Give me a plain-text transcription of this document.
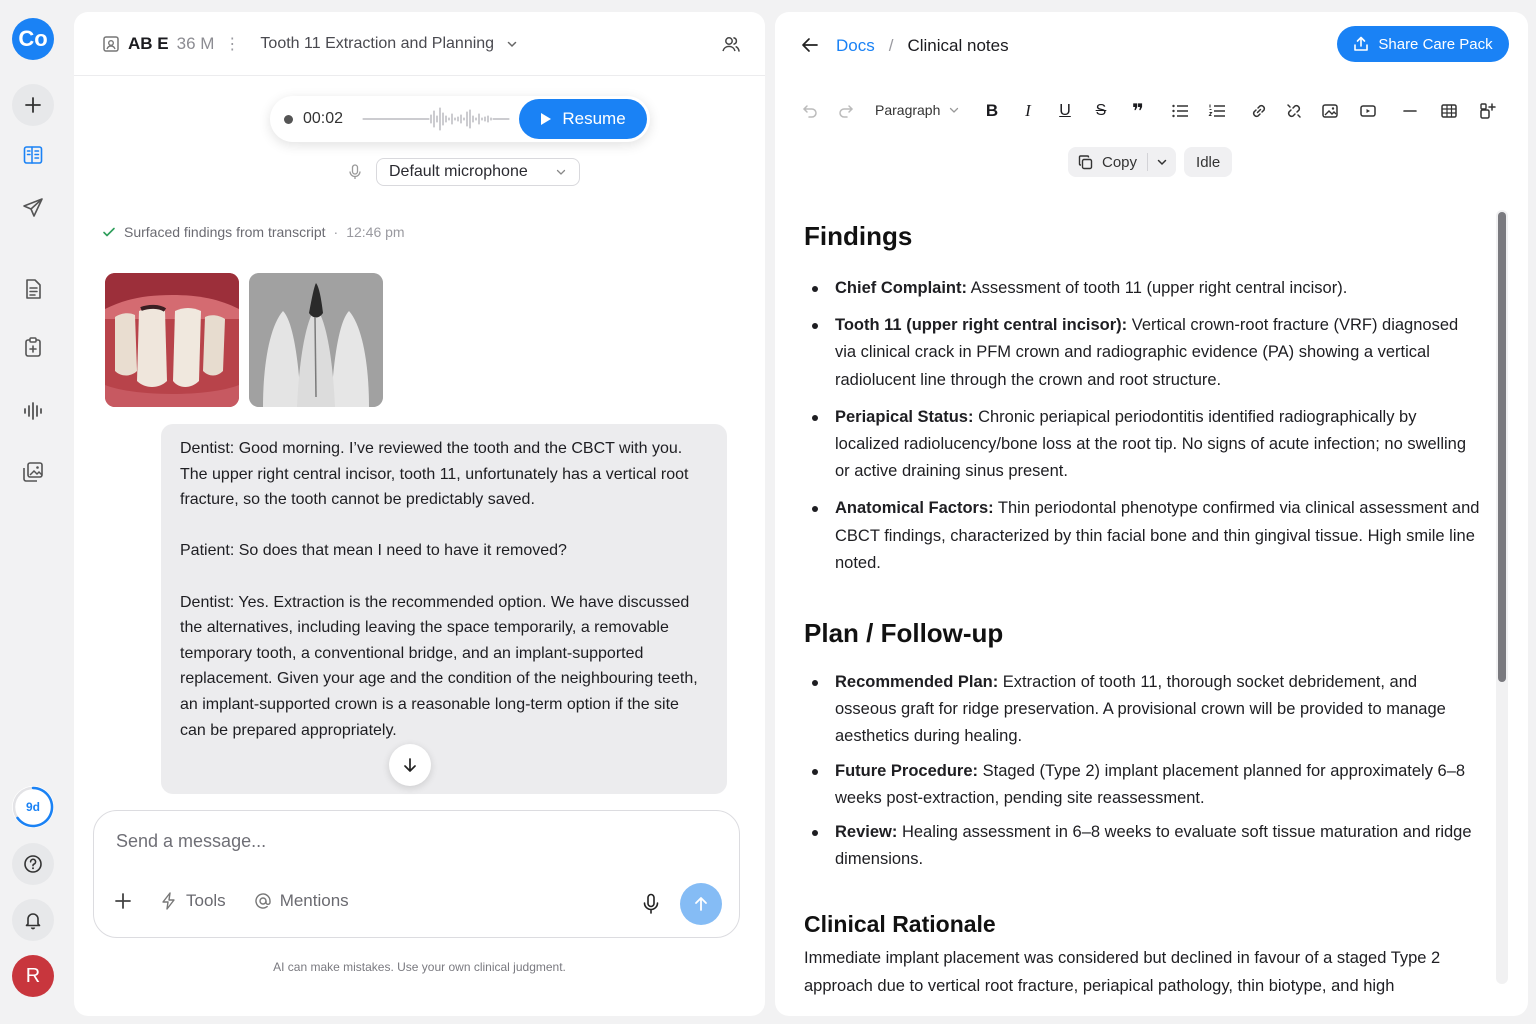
Co
9d
R
AB E 36 M ⋮ Tooth 11 Extraction and Planning
00:02	Resume
Default microphone
Surfaced findings from transcript · 12:46 pm

Dentist: Good morning. I’ve reviewed the tooth and the CBCT with you. The upper right central incisor, tooth 11, unfortunately has a vertical root fracture, so the tooth cannot be predictably saved.

Patient: So does that mean I need to have it removed?

Dentist: Yes. Extraction is the recommended option. We have discussed the alternatives, including leaving the space temporarily, a removable temporary tooth, a conventional bridge, and an implant-supported replacement. Given your age and the condition of the neighbouring teeth, an implant-supported crown is a reasonable long-term option if the site can be prepared appropriately.

Send a message...
Tools	Mentions
AI can make mistakes. Use your own clinical judgment.
Docs / Clinical notes	Share Care Pack
Paragraph	B I U S ❞
Copy	Idle
Findings
Chief Complaint: Assessment of tooth 11 (upper right central incisor).
Tooth 11 (upper right central incisor): Vertical crown-root fracture (VRF) diagnosed via clinical crack in PFM crown and radiographic evidence (PA) showing a vertical radiolucent line through the crown and root structure.
Periapical Status: Chronic periapical periodontitis identified radiographically by localized radiolucency/bone loss at the root tip. No signs of acute infection; no swelling or active draining sinus present.
Anatomical Factors: Thin periodontal phenotype confirmed via clinical assessment and CBCT findings, characterized by thin facial bone and thin gingival tissue. High smile line noted.
Plan / Follow-up
Recommended Plan: Extraction of tooth 11, thorough socket debridement, and osseous graft for ridge preservation. A provisional crown will be provided to manage aesthetics during healing.
Future Procedure: Staged (Type 2) implant placement planned for approximately 6–8 weeks post-extraction, pending site reassessment.
Review: Healing assessment in 6–8 weeks to evaluate soft tissue maturation and ridge dimensions.
Clinical Rationale

Immediate implant placement was considered but declined in favour of a staged Type 2 approach due to vertical root fracture, periapical pathology, thin biotype, and high
